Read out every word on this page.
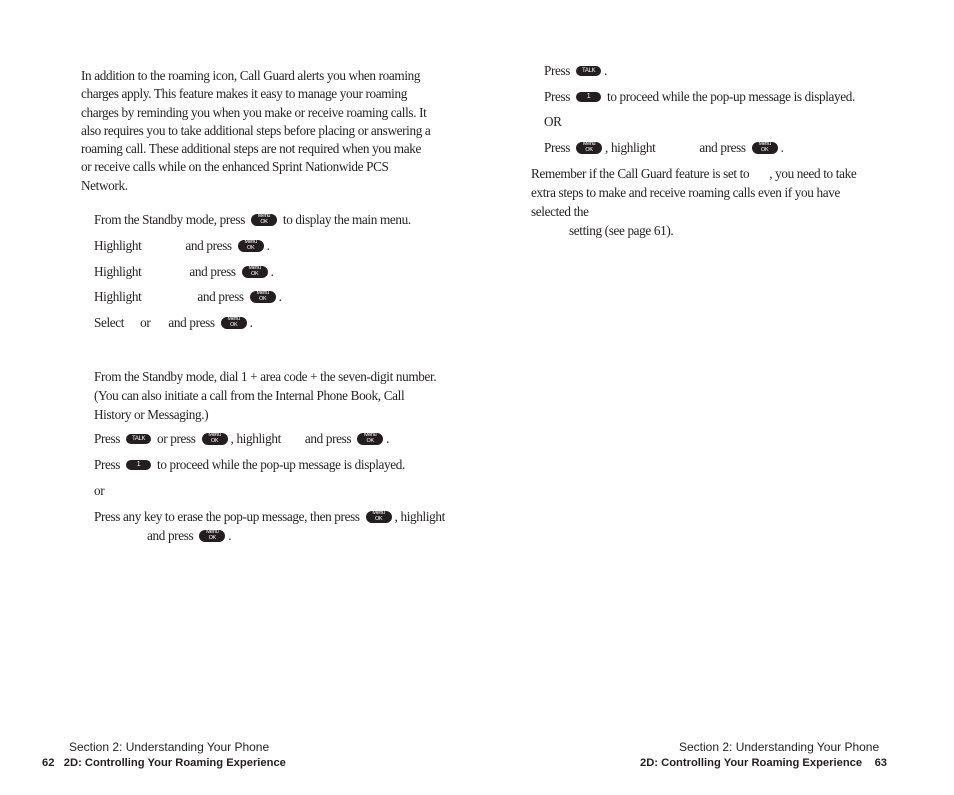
In addition to the roaming icon, Call Guard alerts you when roaming charges apply. This feature makes it easy to manage your roaming charges by reminding you when you make or receive roaming calls. It also requires you to take additional steps before placing or answering a roaming call. These additional steps are not required when you make or receive calls while on the enhanced Sprint Nationwide PCS Network.

From the Standby mode, press	Menu
OK	to display the main menu.
Highlight	and press	Menu
OK .
Highlight	and press	Menu
OK .
Highlight	and press	Menu
OK .
Select or and press	Menu
OK .

From the Standby mode, dial 1 + area code + the seven-digit number. (You can also initiate a call from the Internal Phone Book, Call History or Messaging.)

Press TALK or press	Menu
OK , highlight and press	Menu
OK .
Press 1 to proceed while the pop-up message is displayed.
or
Press any key to erase the pop-up message, then press	Menu
OK , highlight
and press	Menu
OK .
Section 2: Understanding Your Phone
62 2D: Controlling Your Roaming Experience
Press TALK .
Press 1 to proceed while the pop-up message is displayed.
OR
Press	Menu
OK , highlight	and press	Menu
OK .

Remember if the Call Guard feature is set to , you need to take extra steps to make and receive roaming calls even if you have selected the
setting (see page 61).

Section 2: Understanding Your Phone
2D: Controlling Your Roaming Experience 63
